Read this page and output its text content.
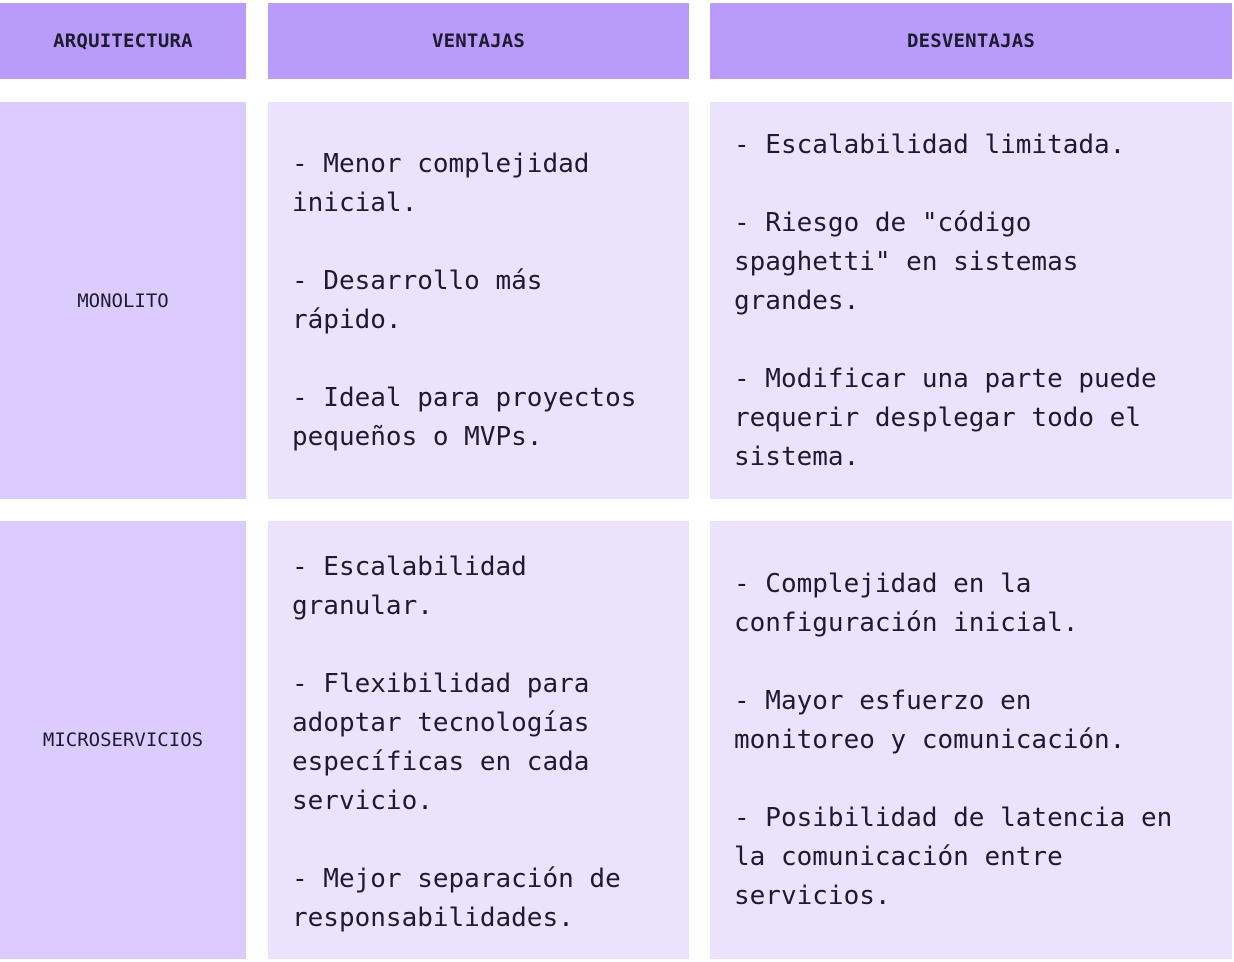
ARQUITECTURA	VENTAJAS	DESVENTAJAS
MONOLITO

- Menor complejidad
inicial.

- Desarrollo más
rápido.

- Ideal para proyectos
pequeños o MVPs.

- Escalabilidad limitada.

- Riesgo de "código
spaghetti" en sistemas
grandes.

- Modificar una parte puede
requerir desplegar todo el
sistema.

MICROSERVICIOS

- Escalabilidad
granular.

- Flexibilidad para
adoptar tecnologías
específicas en cada
servicio.

- Mejor separación de
responsabilidades.

- Complejidad en la
configuración inicial.

- Mayor esfuerzo en
monitoreo y comunicación.

- Posibilidad de latencia en
la comunicación entre
servicios.
